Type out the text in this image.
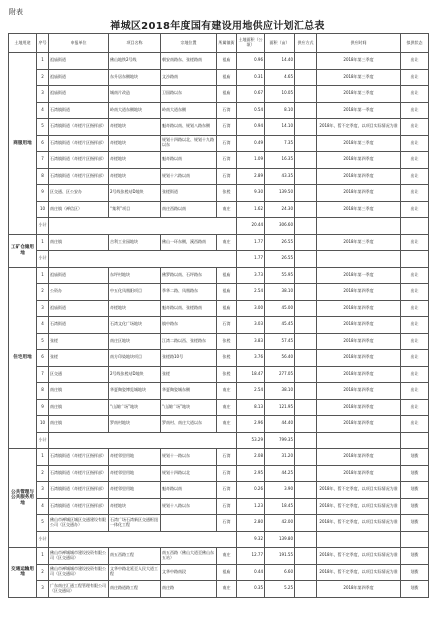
附表
禅城区2018年度国有建设用地供应计划汇总表
土地用途	序号	申报单位	项目名称	宗地位置	所属镇街	土地面积（公顷）	面积（亩）	供应方式	供应时间	拟供状态
商服用地	1	祖庙街道	佛山地铁2号线	朝安南路东、张槎路南	祖庙	0.96	14.40		2018年第三季度	出让
	2	祖庙街道	东升居东侧地块	文沙路南	祖庙	0.31	4.65		2018年第三季度	出让
	3	祖庙街道	城南片改造	卫国路以东	祖庙	0.67	10.05		2018年第三季度	出让
	4	石湾镇街道	岭南大道东侧地块	岭南大道东侧	石湾	0.54	8.10		2018年第一季度	出让
	5	石湾镇街道（奇槎片区指挥部）	奇槎地块	魁奇路以南、规划八路东侧	石湾	0.94	14.10		2018年，暂不定季度，以项目实际情况为准	出让
	6	石湾镇街道（奇槎片区指挥部）	奇槎地块	规划十四路以北、规划十九路以东	石湾	0.49	7.35		2018年第三季度	出让
	7	石湾镇街道（奇槎片区指挥部）	奇槎地块	魁奇路以南	石湾	1.09	16.35		2018年第四季度	出让
	8	石湾镇街道（奇槎片区指挥部）	奇槎地块	规划十六路以南	石湾	2.89	43.35		2018年第四季度	出让
	9	区交通、区公安办	2号线张槎站D地块	张槎街道	张槎	9.30	139.50		2018年第四季度	出让
	10	南庄镇（禅信区）	“集利”项目	南庄西路以南	南庄	1.62	24.30		2018年第三季度	出让
	小计					20.44	306.60			
工矿仓储用地	1	南庄镇	吉利工业园地块	佛山一环东侧，溪西路南	南庄	1.77	26.55		2018年第三季度	出让
	小计					1.77	26.55			
住宅用地	1	祖庙街道	东坪村地块	佛罗路以南、石坪路东	祖庙	3.73	55.95		2018年第一季度	出让
	2	公资办	中五化凤凰阳项目	季华二路、凤凰路东	祖庙	2.54	38.10		2018年第四季度	出让
	3	祖庙街道	奇槎地块	魁奇路以南、张槎路南	祖庙	3.00	45.00		2018年第四季度	出让
	4	石湾街道	石湾文化广场地块	镇中路东	石湾	3.03	45.45		2018年第四季度	出让
	5	张槎	南庄区地块	江湾二路以西、张槎路东	张槎	3.83	57.45		2018年第四季度	出让
	6	张槎	南方印染地块项目	张槎路10号	张槎	3.76	56.40		2018年第四季度	出让
	7	区交通	2号线张槎站D地块	张槎	张槎	18.47	277.05		2018年第四季度	出让
	8	南庄镇	华夏陶瓷博览城地块	华夏陶瓷城东侧	南庄	2.54	38.10		2018年第四季度	出让
	9	南庄镇	“山湖广场”地块	“山湖广场”地块	南庄	8.13	121.95		2018年第四季度	出让
	10	南庄镇	罗南村地块	罗南村、南庄大道以东	南庄	2.96	44.40		2018年第四季度	出让
	小计					53.29	799.35			
公共管理与公共服务用地	1	石湾镇街道（奇槎片区指挥部）	奇槎邻里用地	规划十一路以东	石湾	2.08	31.20		2018年第四季度	划拨
	2	石湾镇街道（奇槎片区指挥部）	奇槎邻里用地	规划十四路以北	石湾	2.95	44.25		2018年第四季度	划拨
	3	石湾镇街道（奇槎片区指挥部）	奇槎邻里用地	魁奇路以南	石湾	0.26	3.90		2018年，暂不定季度，以项目实际情况为准	划拨
	4	石湾镇街道（奇槎片区指挥部）	奇槎地块	规划十八路以东	石湾	1.23	18.45		2018年，暂不定季度，以项目实际情况为准	划拨
	5	佛山市禅城区城区交通建设有限公司（区交通办）	石湾广场石湾新区交通枢纽一体化工程		石湾	2.80	42.00		2018年，暂不定季度，以项目实际情况为准	划拨
	小计					9.32	139.80			
交通运输用地	1	佛山市禅城城市建设投资有限公司（区交通局）	南五西路工程	南五西路（佛山大道至佛山东五站）	南庄	12.77	191.55		2018年，暂不定季度，以项目实际情况为准	划拨
	2	佛山市禅城城市建设投资有限公司（区交通局）	文华中路北延至人民大道工程	文华中路南段	祖庙	0.44	6.60		2018年，暂不定季度，以项目实际情况为准	划拨
	3	广东南庄汇通工程管理有限公司（区交通局）	南庄路道路工程	南庄路	南庄	0.35	5.25		2018年第四季度	划拨
